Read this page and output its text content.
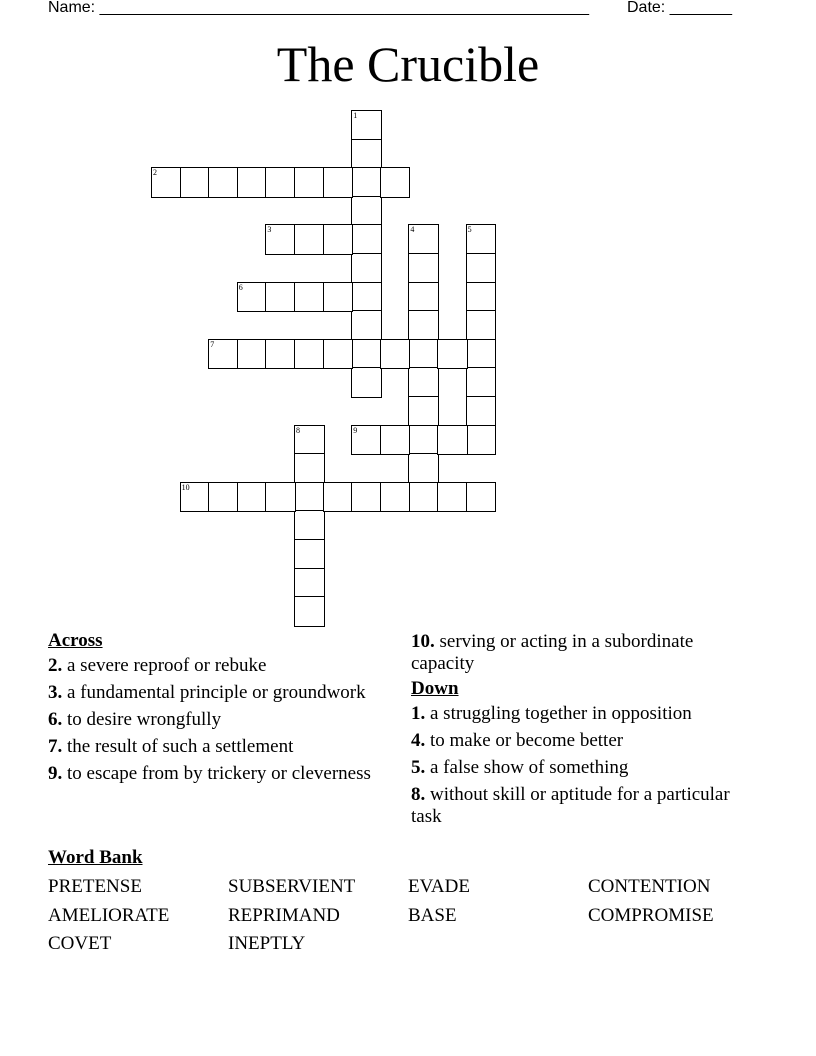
Name: _______________________________________________________ Date: _______
The Crucible
1
2
3	4	5
6
7
8	9
10
Across
2. a severe reproof or rebuke
3. a fundamental principle or groundwork
6. to desire wrongfully
7. the result of such a settlement
9. to escape from by trickery or cleverness
10. serving or acting in a subordinate capacity
Down
1. a struggling together in opposition
4. to make or become better
5. a false show of something
8. without skill or aptitude for a particular task
Word Bank
PRETENSE	SUBSERVIENT	EVADE	CONTENTION
AMELIORATE	REPRIMAND	BASE	COMPROMISE
COVET	INEPTLY
